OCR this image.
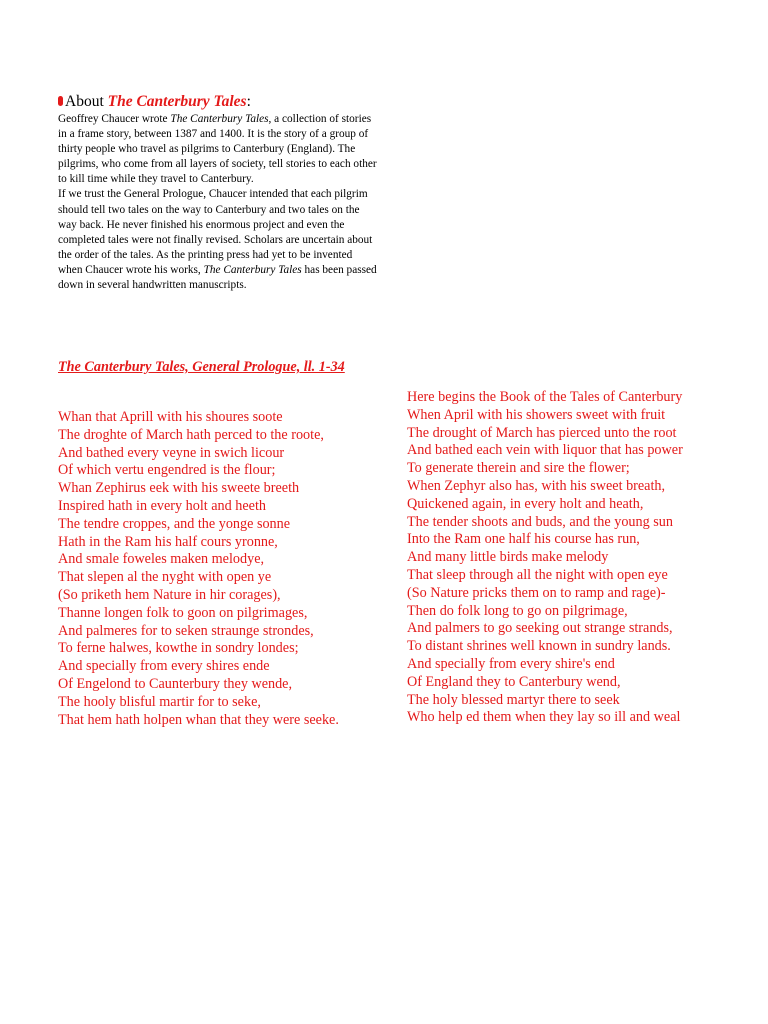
About The Canterbury Tales:

Geoffrey Chaucer wrote The Canterbury Tales, a collection of stories in a frame story, between 1387 and 1400. It is the story of a group of thirty people who travel as pilgrims to Canterbury (England). The pilgrims, who come from all layers of society, tell stories to each other to kill time while they travel to Canterbury.

If we trust the General Prologue, Chaucer intended that each pilgrim should tell two tales on the way to Canterbury and two tales on the way back. He never finished his enormous project and even the completed tales were not finally revised. Scholars are uncertain about the order of the tales. As the printing press had yet to be invented when Chaucer wrote his works, The Canterbury Tales has been passed down in several handwritten manuscripts.

The Canterbury Tales, General Prologue, ll. 1-34
Whan that Aprill with his shoures soote
The droghte of March hath perced to the roote,
And bathed every veyne in swich licour
Of which vertu engendred is the flour;
Whan Zephirus eek with his sweete breeth
Inspired hath in every holt and heeth
The tendre croppes, and the yonge sonne
Hath in the Ram his half cours yronne,
And smale foweles maken melodye,
That slepen al the nyght with open ye
(So priketh hem Nature in hir corages),
Thanne longen folk to goon on pilgrimages,
And palmeres for to seken straunge strondes,
To ferne halwes, kowthe in sondry londes;
And specially from every shires ende
Of Engelond to Caunterbury they wende,
The hooly blisful martir for to seke,
That hem hath holpen whan that they were seeke.
Here begins the Book of the Tales of Canterbury
When April with his showers sweet with fruit
The drought of March has pierced unto the root
And bathed each vein with liquor that has power
To generate therein and sire the flower;
When Zephyr also has, with his sweet breath,
Quickened again, in every holt and heath,
The tender shoots and buds, and the young sun
Into the Ram one half his course has run,
And many little birds make melody
That sleep through all the night with open eye
(So Nature pricks them on to ramp and rage)-
Then do folk long to go on pilgrimage,
And palmers to go seeking out strange strands,
To distant shrines well known in sundry lands.
And specially from every shire's end
Of England they to Canterbury wend,
The holy blessed martyr there to seek
Who help ed them when they lay so ill and weal
